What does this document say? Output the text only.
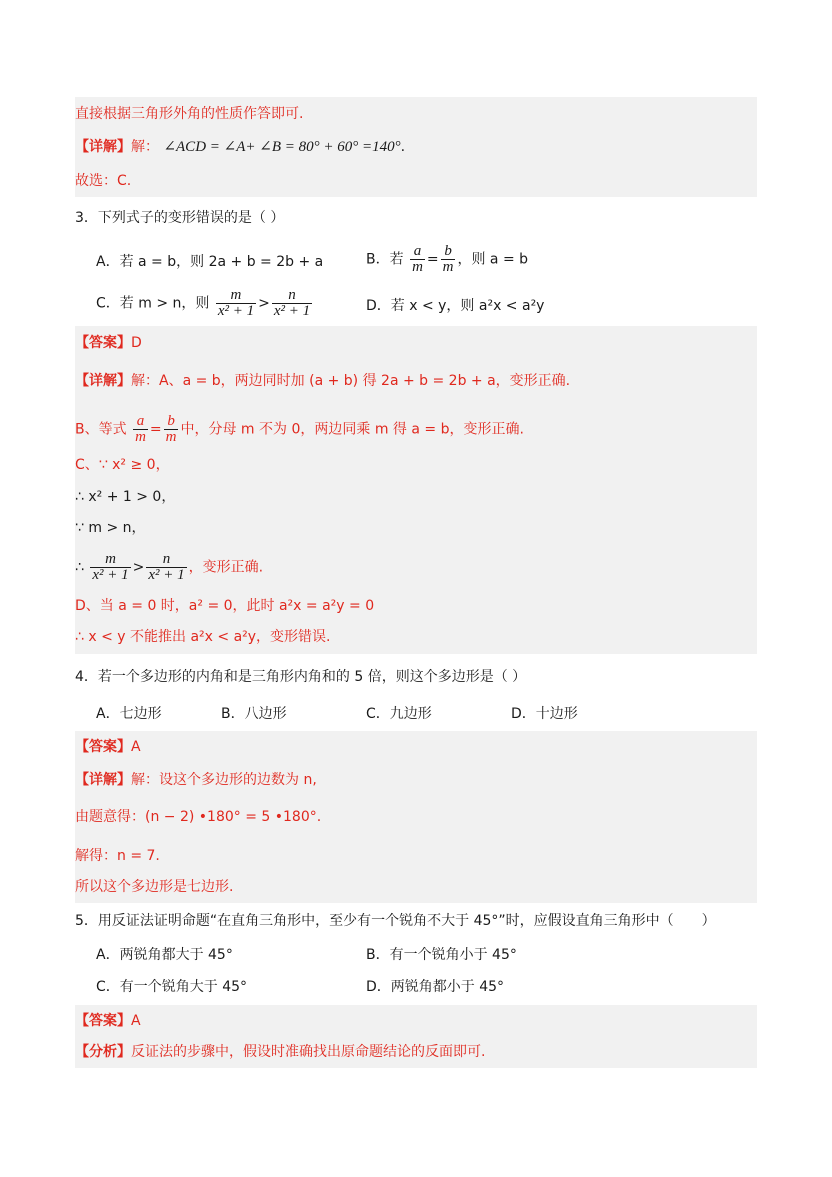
直接根据三角形外角的性质作答即可.
【详解】解： ∠ACD = ∠A+ ∠B = 80° + 60° =140°.
故选：C.
3．下列式子的变形错误的是（ ）
A．若 a = b，则 2a + b = 2b + a	B．若 $\frac{a}{m} = \frac{b}{m}$ ，则 a = b
C．若 m > n，则 $\frac{m}{\text{x² + 1}} > \frac{n}{\text{x² + 1}}$	D．若 x < y，则 a²x < a²y
【答案】D
【详解】解：A、a = b，两边同时加 (a + b) 得 2a + b = 2b + a，变形正确.
B、等式 $\frac{a}{m} = \frac{b}{m}$ 中，分母 m 不为 0，两边同乘 m 得 a = b，变形正确.
C、∵ x² ≥ 0，
∴ x² + 1 > 0，
∵ m > n，
∴ $\frac{m}{\text{x² + 1}} > \frac{n}{\text{x² + 1}}$ ，变形正确.
D、当 a = 0 时，a² = 0，此时 a²x = a²y = 0
∴ x < y 不能推出 a²x < a²y，变形错误.
4．若一个多边形的内角和是三角形内角和的 5 倍，则这个多边形是（ ）
A．七边形	B．八边形	C．九边形	D．十边形
【答案】A
【详解】解：设这个多边形的边数为 n,
由题意得：(n − 2) •180° = 5 •180°.
解得：n = 7.
所以这个多边形是七边形.
5．用反证法证明命题“在直角三角形中，至少有一个锐角不大于 45°”时，应假设直角三角形中（　　）
A．两锐角都大于 45°	B．有一个锐角小于 45°
C．有一个锐角大于 45°	D．两锐角都小于 45°
【答案】A
【分析】反证法的步骤中，假设时准确找出原命题结论的反面即可.
